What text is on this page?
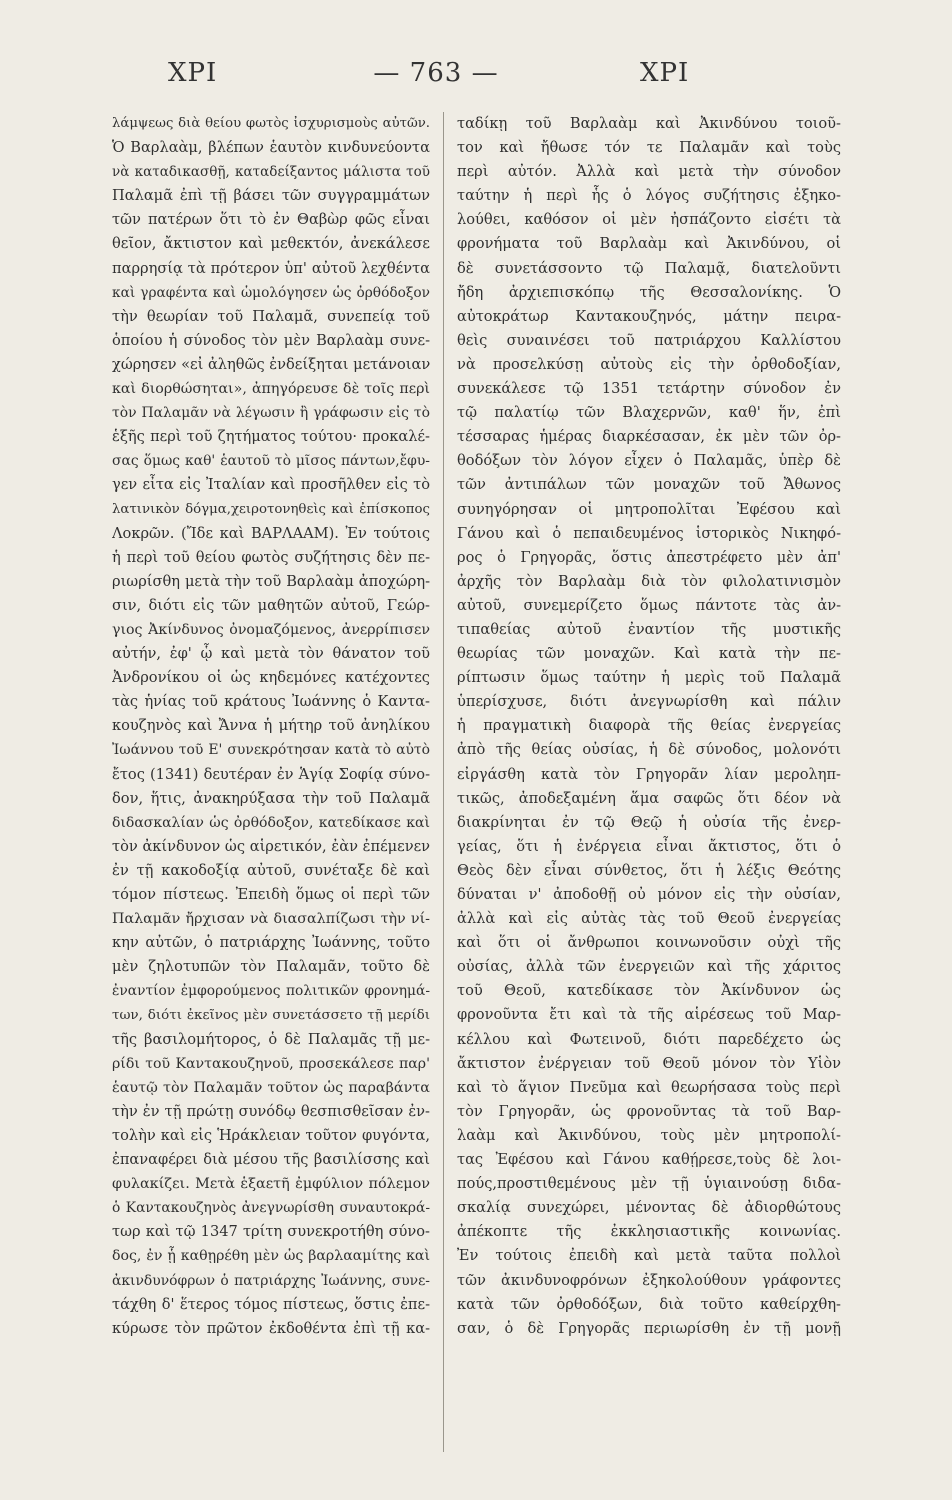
XPI	— 763 —	XPI
λάμψεως διὰ θείου φωτὸς ἰσχυρισμοὺς αὐτῶν.
Ὁ Βαρλαὰμ, βλέπων ἑαυτὸν κινδυνεύοντα
νὰ καταδικασθῇ, καταδείξαντος μάλιστα τοῦ
Παλαμᾶ ἐπὶ τῇ βάσει τῶν συγγραμμάτων
τῶν πατέρων ὅτι τὸ ἐν Θαβὼρ φῶς εἶναι
θεῖον, ἄκτιστον καὶ μεθεκτόν, ἀνεκάλεσε
παρρησίᾳ τὰ πρότερον ὑπ' αὐτοῦ λεχθέντα
καὶ γραφέντα καὶ ὡμολόγησεν ὡς ὀρθόδοξον
τὴν θεωρίαν τοῦ Παλαμᾶ, συνεπείᾳ τοῦ
ὁποίου ἡ σύνοδος τὸν μὲν Βαρλαὰμ συνε-
χώρησεν «εἰ ἀληθῶς ἐνδείξηται μετάνοιαν
καὶ διορθώσηται», ἀπηγόρευσε δὲ τοῖς περὶ
τὸν Παλαμᾶν νὰ λέγωσιν ἢ γράφωσιν εἰς τὸ
ἑξῆς περὶ τοῦ ζητήματος τούτου· προκαλέ-
σας ὅμως καθ' ἑαυτοῦ τὸ μῖσος πάντων,ἔφυ-
γεν εἶτα εἰς Ἰταλίαν καὶ προσῆλθεν εἰς τὸ
λατινικὸν δόγμα,χειροτονηθεὶς καὶ ἐπίσκοπος
Λοκρῶν. (Ἴδε καὶ ΒΑΡΛΑΑΜ). Ἐν τούτοις
ἡ περὶ τοῦ θείου φωτὸς συζήτησις δὲν πε-
ριωρίσθη μετὰ τὴν τοῦ Βαρλαὰμ ἀποχώρη-
σιν, διότι εἰς τῶν μαθητῶν αὐτοῦ, Γεώρ-
γιος Ἀκίνδυνος ὀνομαζόμενος, ἀνερρίπισεν
αὐτήν, ἐφ' ᾧ καὶ μετὰ τὸν θάνατον τοῦ
Ἀνδρονίκου οἱ ὡς κηδεμόνες κατέχοντες
τὰς ἡνίας τοῦ κράτους Ἰωάννης ὁ Καντα-
κουζηνὸς καὶ Ἄννα ἡ μήτηρ τοῦ ἀνηλίκου
Ἰωάννου τοῦ Ε' συνεκρότησαν κατὰ τὸ αὐτὸ
ἔτος (1341) δευτέραν ἐν Ἁγίᾳ Σοφίᾳ σύνο-
δον, ἥτις, ἀνακηρύξασα τὴν τοῦ Παλαμᾶ
διδασκαλίαν ὡς ὀρθόδοξον, κατεδίκασε καὶ
τὸν ἀκίνδυνον ὡς αἱρετικόν, ἐὰν ἐπέμενεν
ἐν τῇ κακοδοξίᾳ αὐτοῦ, συνέταξε δὲ καὶ
τόμον πίστεως. Ἐπειδὴ ὅμως οἱ περὶ τῶν
Παλαμᾶν ἤρχισαν νὰ διασαλπίζωσι τὴν νί-
κην αὐτῶν, ὁ πατριάρχης Ἰωάννης, τοῦτο
μὲν ζηλοτυπῶν τὸν Παλαμᾶν, τοῦτο δὲ
ἐναντίον ἐμφορούμενος πολιτικῶν φρονημά-
των, διότι ἐκεῖνος μὲν συνετάσσετο τῇ μερίδι
τῆς βασιλομήτορος, ὁ δὲ Παλαμᾶς τῇ με-
ρίδι τοῦ Καντακουζηνοῦ, προσεκάλεσε παρ'
ἑαυτῷ τὸν Παλαμᾶν τοῦτον ὡς παραβάντα
τὴν ἐν τῇ πρώτῃ συνόδῳ θεσπισθεῖσαν ἐν-
τολὴν καὶ εἰς Ἡράκλειαν τοῦτον φυγόντα,
ἐπαναφέρει διὰ μέσου τῆς βασιλίσσης καὶ
φυλακίζει. Μετὰ ἑξαετῆ ἐμφύλιον πόλεμον
ὁ Καντακουζηνὸς ἀνεγνωρίσθη συναυτοκρά-
τωρ καὶ τῷ 1347 τρίτη συνεκροτήθη σύνο-
δος, ἐν ᾗ καθῃρέθη μὲν ὡς βαρλααμίτης καὶ
ἀκινδυνόφρων ὁ πατριάρχης Ἰωάννης, συνε-
τάχθη δ' ἕτερος τόμος πίστεως, ὅστις ἐπε-
κύρωσε τὸν πρῶτον ἐκδοθέντα ἐπὶ τῇ κα-
ταδίκῃ τοῦ Βαρλαὰμ καὶ Ἀκινδύνου τοιοῦ-
τον καὶ ἤθωσε τόν τε Παλαμᾶν καὶ τοὺς
περὶ αὐτόν. Ἀλλὰ καὶ μετὰ τὴν σύνοδον
ταύτην ἡ περὶ ἧς ὁ λόγος συζήτησις ἐξηκο-
λούθει, καθόσον οἱ μὲν ἠσπάζοντο εἰσέτι τὰ
φρονήματα τοῦ Βαρλαὰμ καὶ Ἀκινδύνου, οἱ
δὲ συνετάσσοντο τῷ Παλαμᾷ, διατελοῦντι
ἤδη ἀρχιεπισκόπῳ τῆς Θεσσαλονίκης. Ὁ
αὐτοκράτωρ Καντακουζηνός, μάτην πειρα-
θεὶς συναινέσει τοῦ πατριάρχου Καλλίστου
νὰ προσελκύσῃ αὐτοὺς εἰς τὴν ὀρθοδοξίαν,
συνεκάλεσε τῷ 1351 τετάρτην σύνοδον ἐν
τῷ παλατίῳ τῶν Βλαχερνῶν, καθ' ἥν, ἐπὶ
τέσσαρας ἡμέρας διαρκέσασαν, ἐκ μὲν τῶν ὀρ-
θοδόξων τὸν λόγον εἶχεν ὁ Παλαμᾶς, ὑπὲρ δὲ
τῶν ἀντιπάλων τῶν μοναχῶν τοῦ Ἄθωνος
συνηγόρησαν οἱ μητροπολῖται Ἐφέσου καὶ
Γάνου καὶ ὁ πεπαιδευμένος ἱστορικὸς Νικηφό-
ρος ὁ Γρηγορᾶς, ὅστις ἀπεστρέφετο μὲν ἀπ'
ἀρχῆς τὸν Βαρλαὰμ διὰ τὸν φιλολατινισμὸν
αὐτοῦ, συνεμερίζετο ὅμως πάντοτε τὰς ἀν-
τιπαθείας αὐτοῦ ἐναντίον τῆς μυστικῆς
θεωρίας τῶν μοναχῶν. Καὶ κατὰ τὴν πε-
ρίπτωσιν ὅμως ταύτην ἡ μερὶς τοῦ Παλαμᾶ
ὑπερίσχυσε, διότι ἀνεγνωρίσθη καὶ πάλιν
ἡ πραγματικὴ διαφορὰ τῆς θείας ἐνεργείας
ἀπὸ τῆς θείας οὐσίας, ἡ δὲ σύνοδος, μολονότι
εἰργάσθη κατὰ τὸν Γρηγορᾶν λίαν μεροληπ-
τικῶς, ἀποδεξαμένη ἅμα σαφῶς ὅτι δέον νὰ
διακρίνηται ἐν τῷ Θεῷ ἡ οὐσία τῆς ἐνερ-
γείας, ὅτι ἡ ἐνέργεια εἶναι ἄκτιστος, ὅτι ὁ
Θεὸς δὲν εἶναι σύνθετος, ὅτι ἡ λέξις Θεότης
δύναται ν' ἀποδοθῇ οὐ μόνον εἰς τὴν οὐσίαν,
ἀλλὰ καὶ εἰς αὐτὰς τὰς τοῦ Θεοῦ ἐνεργείας
καὶ ὅτι οἱ ἄνθρωποι κοινωνοῦσιν οὐχὶ τῆς
οὐσίας, ἀλλὰ τῶν ἐνεργειῶν καὶ τῆς χάριτος
τοῦ Θεοῦ, κατεδίκασε τὸν Ἀκίνδυνον ὡς
φρονοῦντα ἔτι καὶ τὰ τῆς αἱρέσεως τοῦ Μαρ-
κέλλου καὶ Φωτεινοῦ, διότι παρεδέχετο ὡς
ἄκτιστον ἐνέργειαν τοῦ Θεοῦ μόνον τὸν Υἱὸν
καὶ τὸ ἅγιον Πνεῦμα καὶ θεωρήσασα τοὺς περὶ
τὸν Γρηγορᾶν, ὡς φρονοῦντας τὰ τοῦ Βαρ-
λαὰμ καὶ Ἀκινδύνου, τοὺς μὲν μητροπολί-
τας Ἐφέσου καὶ Γάνου καθῄρεσε,τοὺς δὲ λοι-
πούς,προστιθεμένους μὲν τῇ ὑγιαινούσῃ διδα-
σκαλίᾳ συνεχώρει, μένοντας δὲ ἀδιορθώτους
ἀπέκοπτε τῆς ἐκκλησιαστικῆς κοινωνίας.
Ἐν τούτοις ἐπειδὴ καὶ μετὰ ταῦτα πολλοὶ
τῶν ἀκινδυνοφρόνων ἐξηκολούθουν γράφοντες
κατὰ τῶν ὀρθοδόξων, διὰ τοῦτο καθείρχθη-
σαν, ὁ δὲ Γρηγορᾶς περιωρίσθη ἐν τῇ μονῇ
